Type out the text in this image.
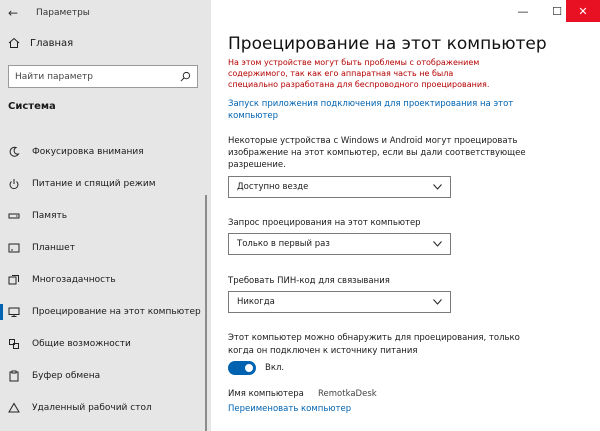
← Параметры
Главная
Найти параметр
Система
Фокусировка внимания
Питание и спящий режим
Память
Планшет
Многозадачность
Проецирование на этот компьютер
Общие возможности
Буфер обмена
Удаленный рабочий стол
—	☐	✕
Проецирование на этот компьютер

На этом устройстве могут быть проблемы с отображением содержимого, так как его аппаратная часть не была специально разработана для беспроводного проецирования.

Запуск приложения подключения для проектирования на этот компьютер

Некоторые устройства с Windows и Android могут проецировать изображение на этот компьютер, если вы дали соответствующее разрешение.

Доступно везде
Запрос проецирования на этот компьютер
Только в первый раз
Требовать ПИН-код для связывания
Никогда

Этот компьютер можно обнаружить для проецирования, только когда он подключен к источнику питания

Вкл.
Имя компьютера	RemotkaDesk
Переименовать компьютер
